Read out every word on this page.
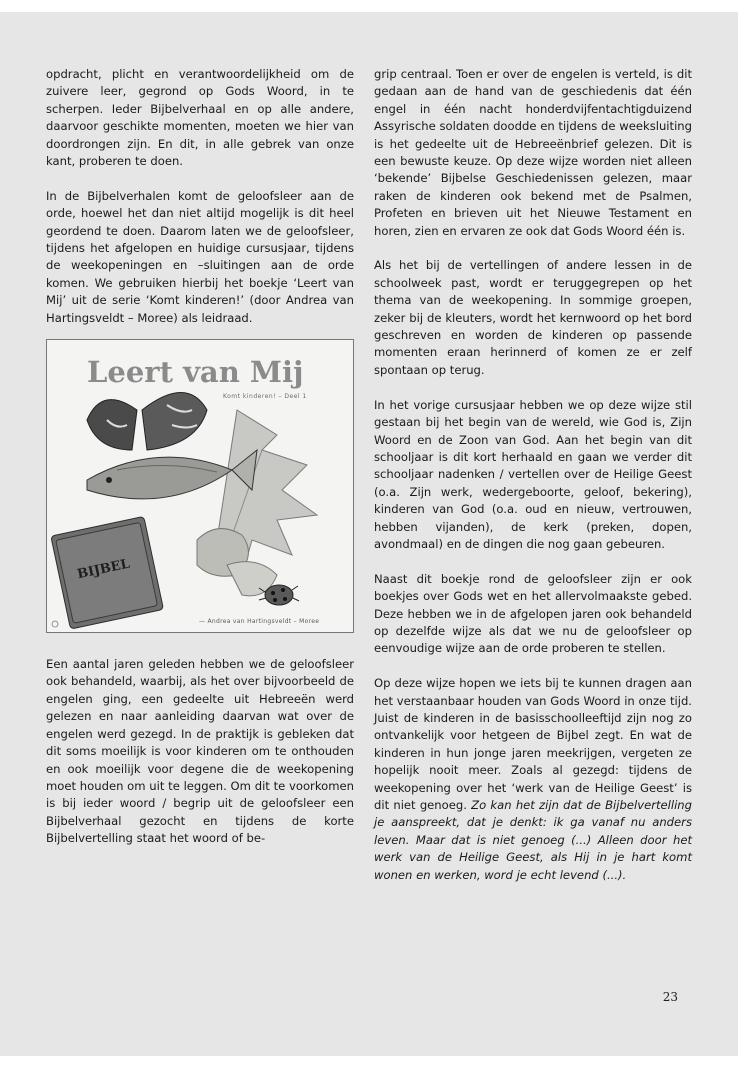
opdracht, plicht en verantwoordelijkheid om de zuivere leer, gegrond op Gods Woord, in te scherpen. Ieder Bijbelverhaal en op alle andere, daarvoor geschikte momenten, moeten we hier van doordrongen zijn. En dit, in alle gebrek van onze kant, proberen te doen.

In de Bijbelverhalen komt de geloofsleer aan de orde, hoewel het dan niet altijd mogelijk is dit heel geordend te doen. Daarom laten we de geloofsleer, tijdens het afgelopen en huidige cursusjaar, tijdens de weekopeningen en –sluitingen aan de orde komen. We gebruiken hierbij het boekje ‘Leert van Mij’ uit de serie ‘Komt kinderen!’ (door Andrea van Hartingsveldt – Moree) als leidraad.

BIJBEL
Leert van Mij
Komt kinderen! – Deel 1
— Andrea van Hartingsveldt – Moree

Een aantal jaren geleden hebben we de geloofsleer ook behandeld, waarbij, als het over bijvoorbeeld de engelen ging, een gedeelte uit Hebreeën werd gelezen en naar aanleiding daarvan wat over de engelen werd gezegd. In de praktijk is gebleken dat dit soms moeilijk is voor kinderen om te onthouden en ook moeilijk voor degene die de weekopening moet houden om uit te leggen. Om dit te voorkomen is bij ieder woord / begrip uit de geloofsleer een Bijbelverhaal gezocht en tijdens de korte Bijbelvertelling staat het woord of be-

grip centraal. Toen er over de engelen is verteld, is dit gedaan aan de hand van de geschiedenis dat één engel in één nacht honderdvijfentachtigduizend Assyrische soldaten doodde en tijdens de weeksluiting is het gedeelte uit de Hebreeënbrief gelezen. Dit is een bewuste keuze. Op deze wijze worden niet alleen ‘bekende’ Bijbelse Geschiedenissen gelezen, maar raken de kinderen ook bekend met de Psalmen, Profeten en brieven uit het Nieuwe Testament en horen, zien en ervaren ze ook dat Gods Woord één is.

Als het bij de vertellingen of andere lessen in de schoolweek past, wordt er teruggegrepen op het thema van de weekopening. In sommige groepen, zeker bij de kleuters, wordt het kernwoord op het bord geschreven en worden de kinderen op passende momenten eraan herinnerd of komen ze er zelf spontaan op terug.

In het vorige cursusjaar hebben we op deze wijze stil gestaan bij het begin van de wereld, wie God is, Zijn Woord en de Zoon van God. Aan het begin van dit schooljaar is dit kort herhaald en gaan we verder dit schooljaar nadenken / vertellen over de Heilige Geest (o.a. Zijn werk, wedergeboorte, geloof, bekering), kinderen van God (o.a. oud en nieuw, vertrouwen, hebben vijanden), de kerk (preken, dopen, avondmaal) en de dingen die nog gaan gebeuren.

Naast dit boekje rond de geloofsleer zijn er ook boekjes over Gods wet en het allervolmaakste gebed. Deze hebben we in de afgelopen jaren ook behandeld op dezelfde wijze als dat we nu de geloofsleer op eenvoudige wijze aan de orde proberen te stellen.

Op deze wijze hopen we iets bij te kunnen dragen aan het verstaanbaar houden van Gods Woord in onze tijd. Juist de kinderen in de basisschoolleeftijd zijn nog zo ontvankelijk voor hetgeen de Bijbel zegt. En wat de kinderen in hun jonge jaren meekrijgen, vergeten ze hopelijk nooit meer. Zoals al gezegd: tijdens de weekopening over het ‘werk van de Heilige Geest’ is dit niet genoeg. Zo kan het zijn dat de Bijbelvertelling je aanspreekt, dat je denkt: ik ga vanaf nu anders leven. Maar dat is niet genoeg (...) Alleen door het werk van de Heilige Geest, als Hij in je hart komt wonen en werken, word je echt levend (...).

23
